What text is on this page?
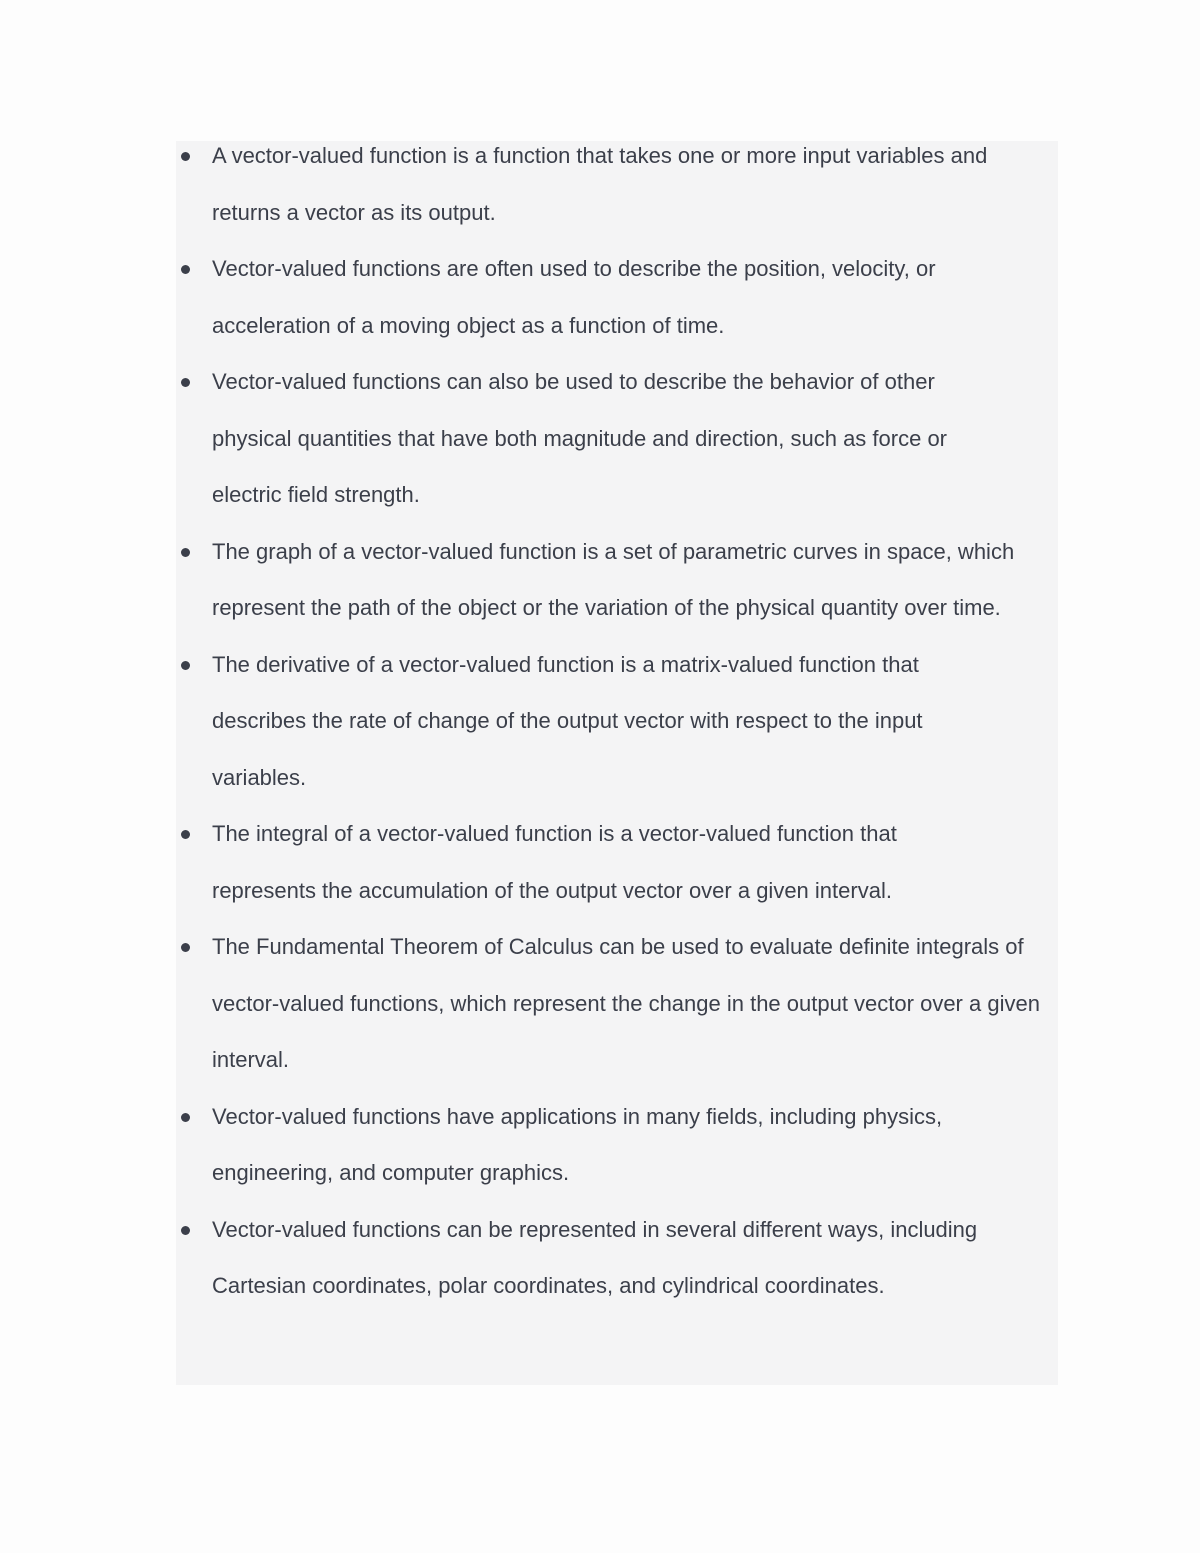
A vector-valued function is a function that takes one or more input variables and returns a vector as its output.
Vector-valued functions are often used to describe the position, velocity, or acceleration of a moving object as a function of time.
Vector-valued functions can also be used to describe the behavior of other physical quantities that have both magnitude and direction, such as force or electric field strength.
The graph of a vector-valued function is a set of parametric curves in space, which represent the path of the object or the variation of the physical quantity over time.
The derivative of a vector-valued function is a matrix-valued function that describes the rate of change of the output vector with respect to the input variables.
The integral of a vector-valued function is a vector-valued function that represents the accumulation of the output vector over a given interval.
The Fundamental Theorem of Calculus can be used to evaluate definite integrals of vector-valued functions, which represent the change in the output vector over a given interval.
Vector-valued functions have applications in many fields, including physics, engineering, and computer graphics.
Vector-valued functions can be represented in several different ways, including Cartesian coordinates, polar coordinates, and cylindrical coordinates.
